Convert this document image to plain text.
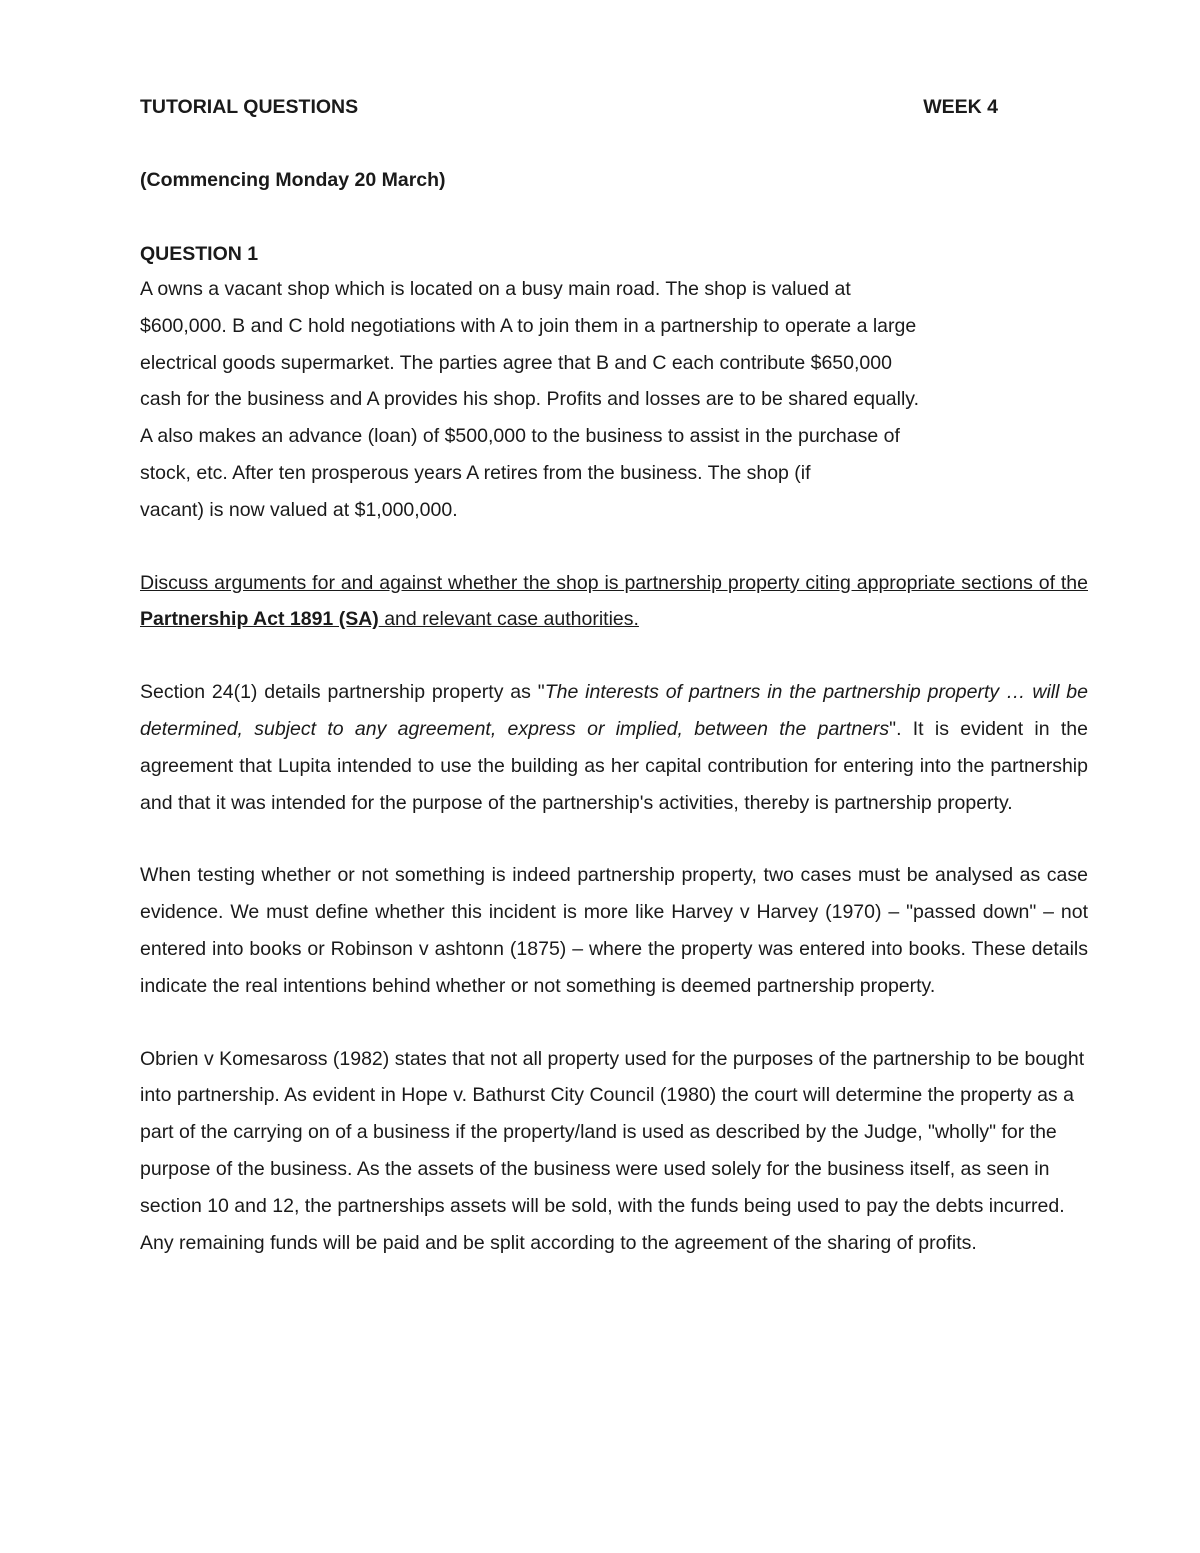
TUTORIAL QUESTIONS	WEEK 4
(Commencing Monday 20 March)
QUESTION 1
A owns a vacant shop which is located on a busy main road. The shop is valued at
$600,000. B and C hold negotiations with A to join them in a partnership to operate a large
electrical goods supermarket. The parties agree that B and C each contribute $650,000
cash for the business and A provides his shop. Profits and losses are to be shared equally.
A also makes an advance (loan) of $500,000 to the business to assist in the purchase of
stock, etc. After ten prosperous years A retires from the business. The shop (if
vacant) is now valued at $1,000,000.
Discuss arguments for and against whether the shop is partnership property citing appropriate sections of the Partnership Act 1891 (SA) and relevant case authorities.
Section 24(1) details partnership property as "The interests of partners in the partnership property … will be determined, subject to any agreement, express or implied, between the partners". It is evident in the agreement that Lupita intended to use the building as her capital contribution for entering into the partnership and that it was intended for the purpose of the partnership's activities, thereby is partnership property.
When testing whether or not something is indeed partnership property, two cases must be analysed as case evidence. We must define whether this incident is more like Harvey v Harvey (1970) – "passed down" – not entered into books or Robinson v ashtonn (1875) – where the property was entered into books. These details indicate the real intentions behind whether or not something is deemed partnership property.
Obrien v Komesaross (1982) states that not all property used for the purposes of the partnership to be bought into partnership. As evident in Hope v. Bathurst City Council (1980) the court will determine the property as a part of the carrying on of a business if the property/land is used as described by the Judge, "wholly" for the purpose of the business. As the assets of the business were used solely for the business itself, as seen in section 10 and 12, the partnerships assets will be sold, with the funds being used to pay the debts incurred. Any remaining funds will be paid and be split according to the agreement of the sharing of profits.
